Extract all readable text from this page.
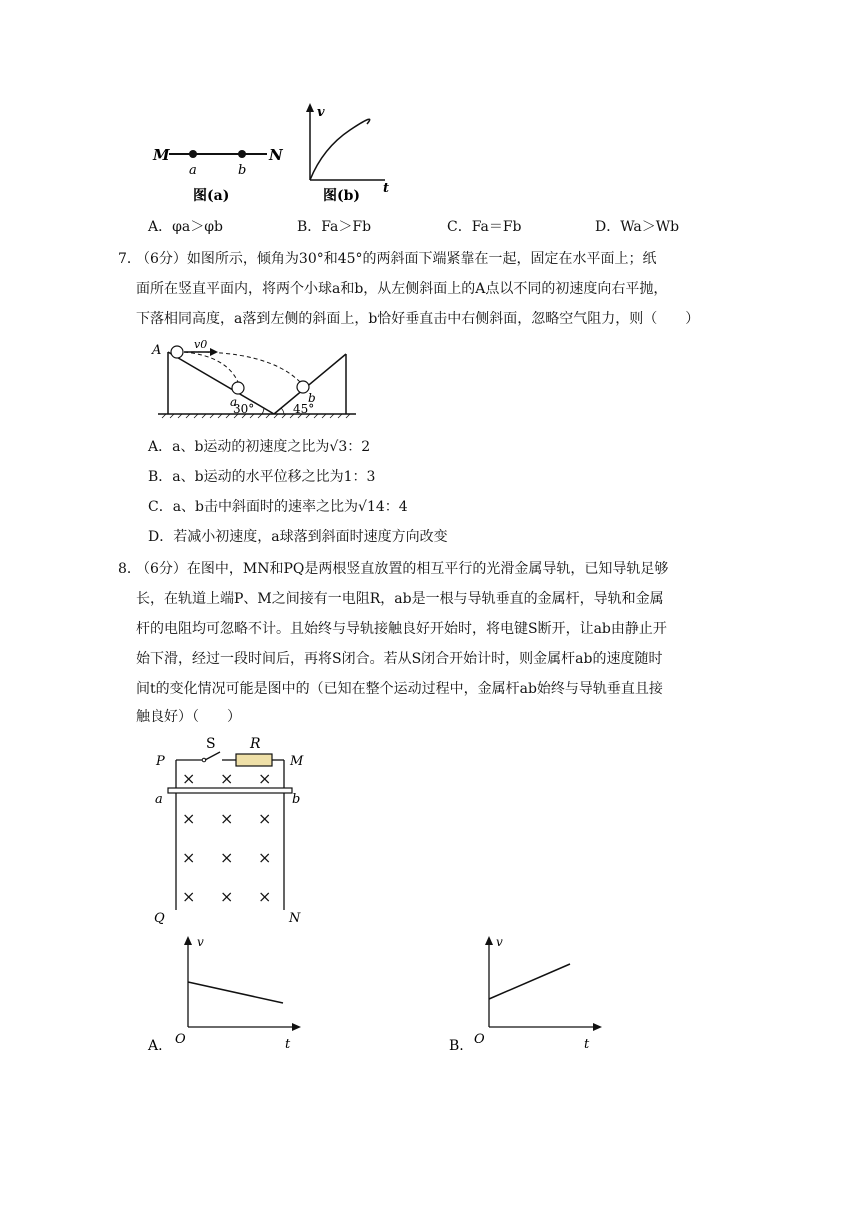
M	N
a	b
图(a)
v
t
图(b)
A．φa＞φb	B．Fa＞Fb	C．Fa＝Fb	D．Wa＞Wb
7．
（6分）如图所示，倾角为30°和45°的两斜面下端紧靠在一起，固定在水平面上；纸
面所在竖直平面内，将两个小球a和b，从左侧斜面上的A点以不同的初速度向右平抛，
下落相同高度，a落到左侧的斜面上，b恰好垂直击中右侧斜面，忽略空气阻力，则（　　）
A	v0
a	b
30°	45°
A．a、b运动的初速度之比为√3：2
B．a、b运动的水平位移之比为1：3
C．a、b击中斜面时的速率之比为√14：4
D．若减小初速度，a球落到斜面时速度方向改变
8．
（6分）在图中，MN和PQ是两根竖直放置的相互平行的光滑金属导轨，已知导轨足够
长，在轨道上端P、M之间接有一电阻R，ab是一根与导轨垂直的金属杆，导轨和金属
杆的电阻均可忽略不计。且始终与导轨接触良好开始时，将电键S断开，让ab由静止开
始下滑，经过一段时间后，再将S闭合。若从S闭合开始计时，则金属杆ab的速度随时
间t的变化情况可能是图中的（已知在整个运动过程中，金属杆ab始终与导轨垂直且接
触良好）（　　）
P
S R
M
a	b
× × ×
× × ×
× × ×
× × ×
Q	N
v
O	t
A.
v
O	t
B.
